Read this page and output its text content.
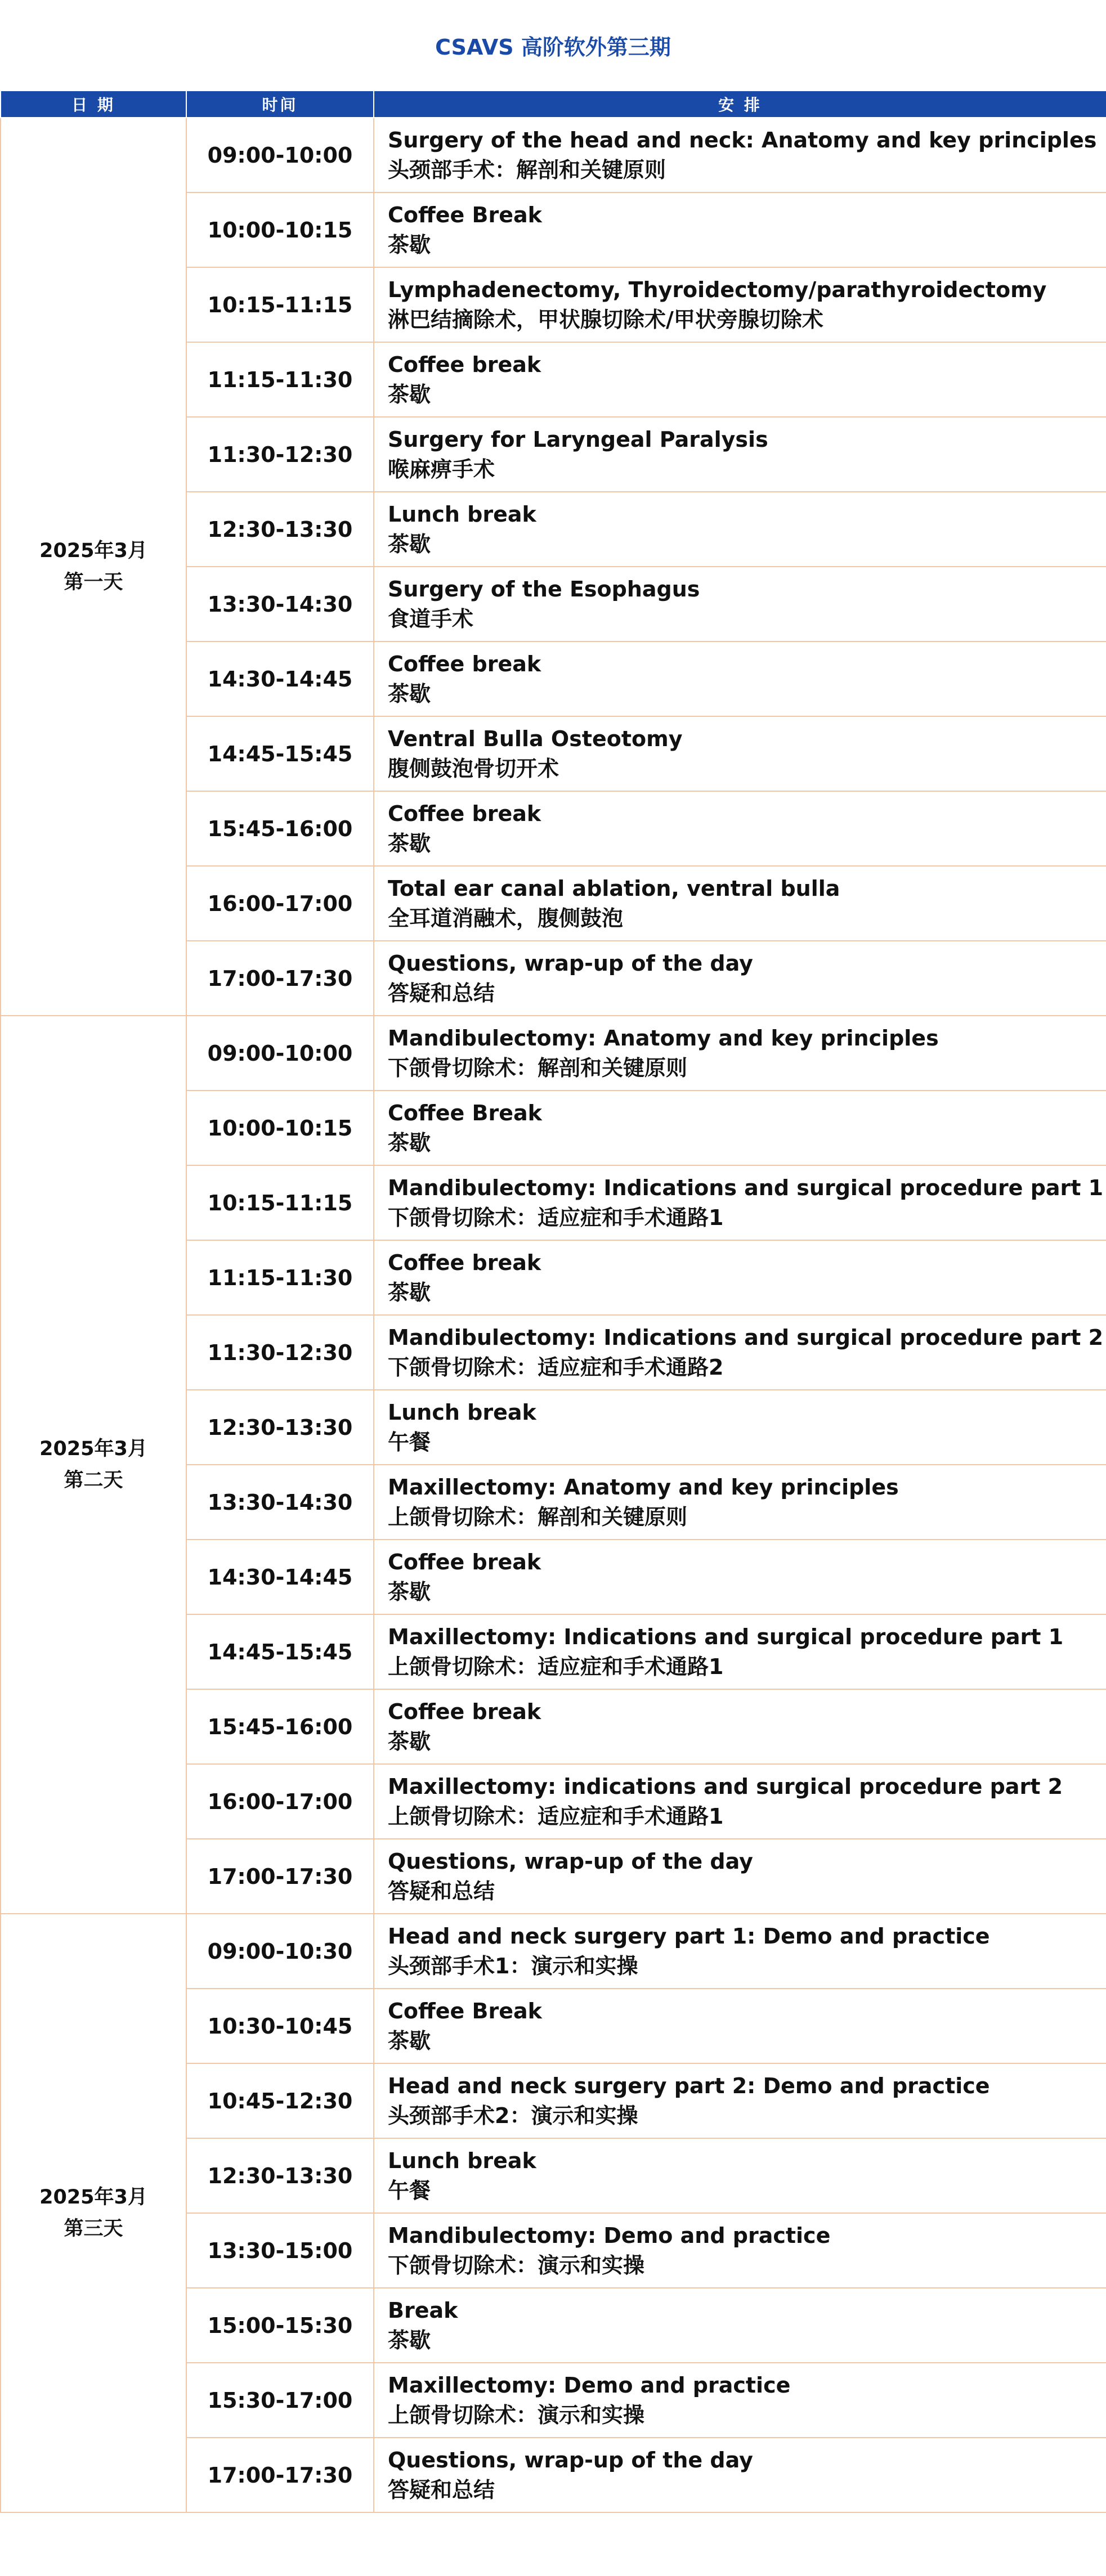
CSAVS 高阶软外第三期
日 期	时间	安 排

2025年3月
第一天	09:00-10:00	Surgery of the head and neck: Anatomy and key principles
头颈部手术：解剖和关键原则

	10:00-10:15	Coffee Break
茶歇

	10:15-11:15	Lymphadenectomy, Thyroidectomy/parathyroidectomy
淋巴结摘除术，甲状腺切除术/甲状旁腺切除术

	11:15-11:30	Coffee break
茶歇

	11:30-12:30	Surgery for Laryngeal Paralysis
喉麻痹手术

	12:30-13:30	Lunch break
茶歇

	13:30-14:30	Surgery of the Esophagus
食道手术

	14:30-14:45	Coffee break
茶歇

	14:45-15:45	Ventral Bulla Osteotomy
腹侧鼓泡骨切开术

	15:45-16:00	Coffee break
茶歇

	16:00-17:00	Total ear canal ablation, ventral bulla
全耳道消融术，腹侧鼓泡

	17:00-17:30	Questions, wrap-up of the day
答疑和总结

2025年3月
第二天	09:00-10:00	Mandibulectomy: Anatomy and key principles
下颌骨切除术：解剖和关键原则

	10:00-10:15	Coffee Break
茶歇

	10:15-11:15	Mandibulectomy: Indications and surgical procedure part 1
下颌骨切除术：适应症和手术通路1

	11:15-11:30	Coffee break
茶歇

	11:30-12:30	Mandibulectomy: Indications and surgical procedure part 2
下颌骨切除术：适应症和手术通路2

	12:30-13:30	Lunch break
午餐

	13:30-14:30	Maxillectomy: Anatomy and key principles
上颌骨切除术：解剖和关键原则

	14:30-14:45	Coffee break
茶歇

	14:45-15:45	Maxillectomy: Indications and surgical procedure part 1
上颌骨切除术：适应症和手术通路1

	15:45-16:00	Coffee break
茶歇

	16:00-17:00	Maxillectomy: indications and surgical procedure part 2
上颌骨切除术：适应症和手术通路1

	17:00-17:30	Questions, wrap-up of the day
答疑和总结

2025年3月
第三天	09:00-10:30	Head and neck surgery part 1: Demo and practice
头颈部手术1：演示和实操

	10:30-10:45	Coffee Break
茶歇

	10:45-12:30	Head and neck surgery part 2: Demo and practice
头颈部手术2：演示和实操

	12:30-13:30	Lunch break
午餐

	13:30-15:00	Mandibulectomy: Demo and practice
下颌骨切除术：演示和实操

	15:00-15:30	Break
茶歇

	15:30-17:00	Maxillectomy: Demo and practice
上颌骨切除术：演示和实操

	17:00-17:30	Questions, wrap-up of the day
答疑和总结
